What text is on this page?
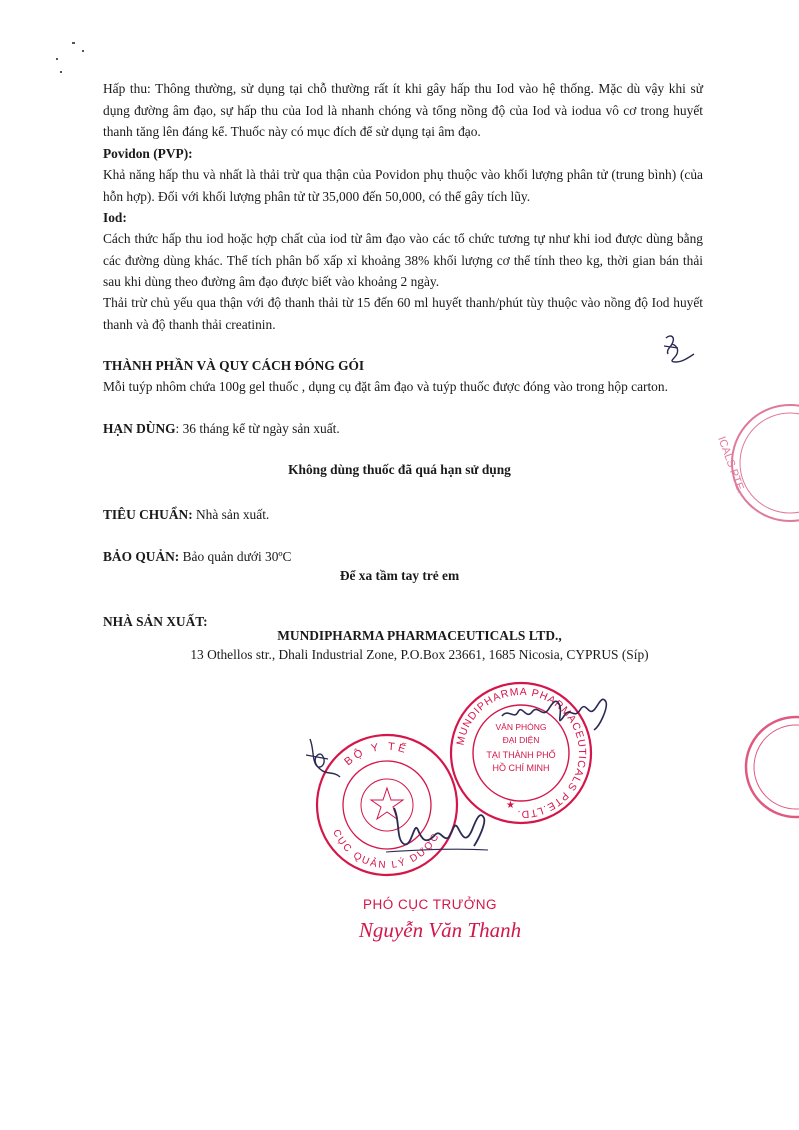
Hấp thu: Thông thường, sử dụng tại chỗ thường rất ít khi gây hấp thu Iod vào hệ thống. Mặc dù vậy khi sử dụng đường âm đạo, sự hấp thu của Iod là nhanh chóng và tổng nồng độ của Iod và iodua vô cơ trong huyết thanh tăng lên đáng kể. Thuốc này có mục đích để sử dụng tại âm đạo.
Povidon (PVP):
Khả năng hấp thu và nhất là thải trừ qua thận của Povidon phụ thuộc vào khối lượng phân tử (trung bình) (của hỗn hợp). Đối với khối lượng phân tử từ 35,000 đến 50,000, có thể gây tích lũy.
Iod:
Cách thức hấp thu iod hoặc hợp chất của iod từ âm đạo vào các tổ chức tương tự như khi iod được dùng bằng các đường dùng khác. Thể tích phân bố xấp xỉ khoảng 38% khối lượng cơ thể tính theo kg, thời gian bán thải sau khi dùng theo đường âm đạo được biết vào khoảng 2 ngày.
Thải trừ chủ yếu qua thận với độ thanh thải từ 15 đến 60 ml huyết thanh/phút tùy thuộc vào nồng độ Iod huyết thanh và độ thanh thải creatinin.
THÀNH PHẦN VÀ QUY CÁCH ĐÓNG GÓI
Mỗi tuýp nhôm chứa 100g gel thuốc , dụng cụ đặt âm đạo và tuýp thuốc được đóng vào trong hộp carton.
HẠN DÙNG: 36 tháng kể từ ngày sản xuất.
ICALS PTE.
Không dùng thuốc đã quá hạn sử dụng
TIÊU CHUẨN: Nhà sản xuất.
BẢO QUẢN: Bảo quản dưới 30ºC
Để xa tầm tay trẻ em
NHÀ SẢN XUẤT:
MUNDIPHARMA PHARMACEUTICALS LTD.,
13 Othellos str., Dhali Industrial Zone, P.O.Box 23661, 1685 Nicosia, CYPRUS (Síp)
MUNDIPHARMA PHARMACEUTICALS PTE.LTD.
VĂN PHÒNG
ĐẠI DIỆN
TẠI THÀNH PHỐ
HỒ CHÍ MINH
★
BỘ Y TẾ
CỤC QUẢN LÝ DƯỢC
PHÓ CỤC TRƯỞNG
Nguyễn Văn Thanh
